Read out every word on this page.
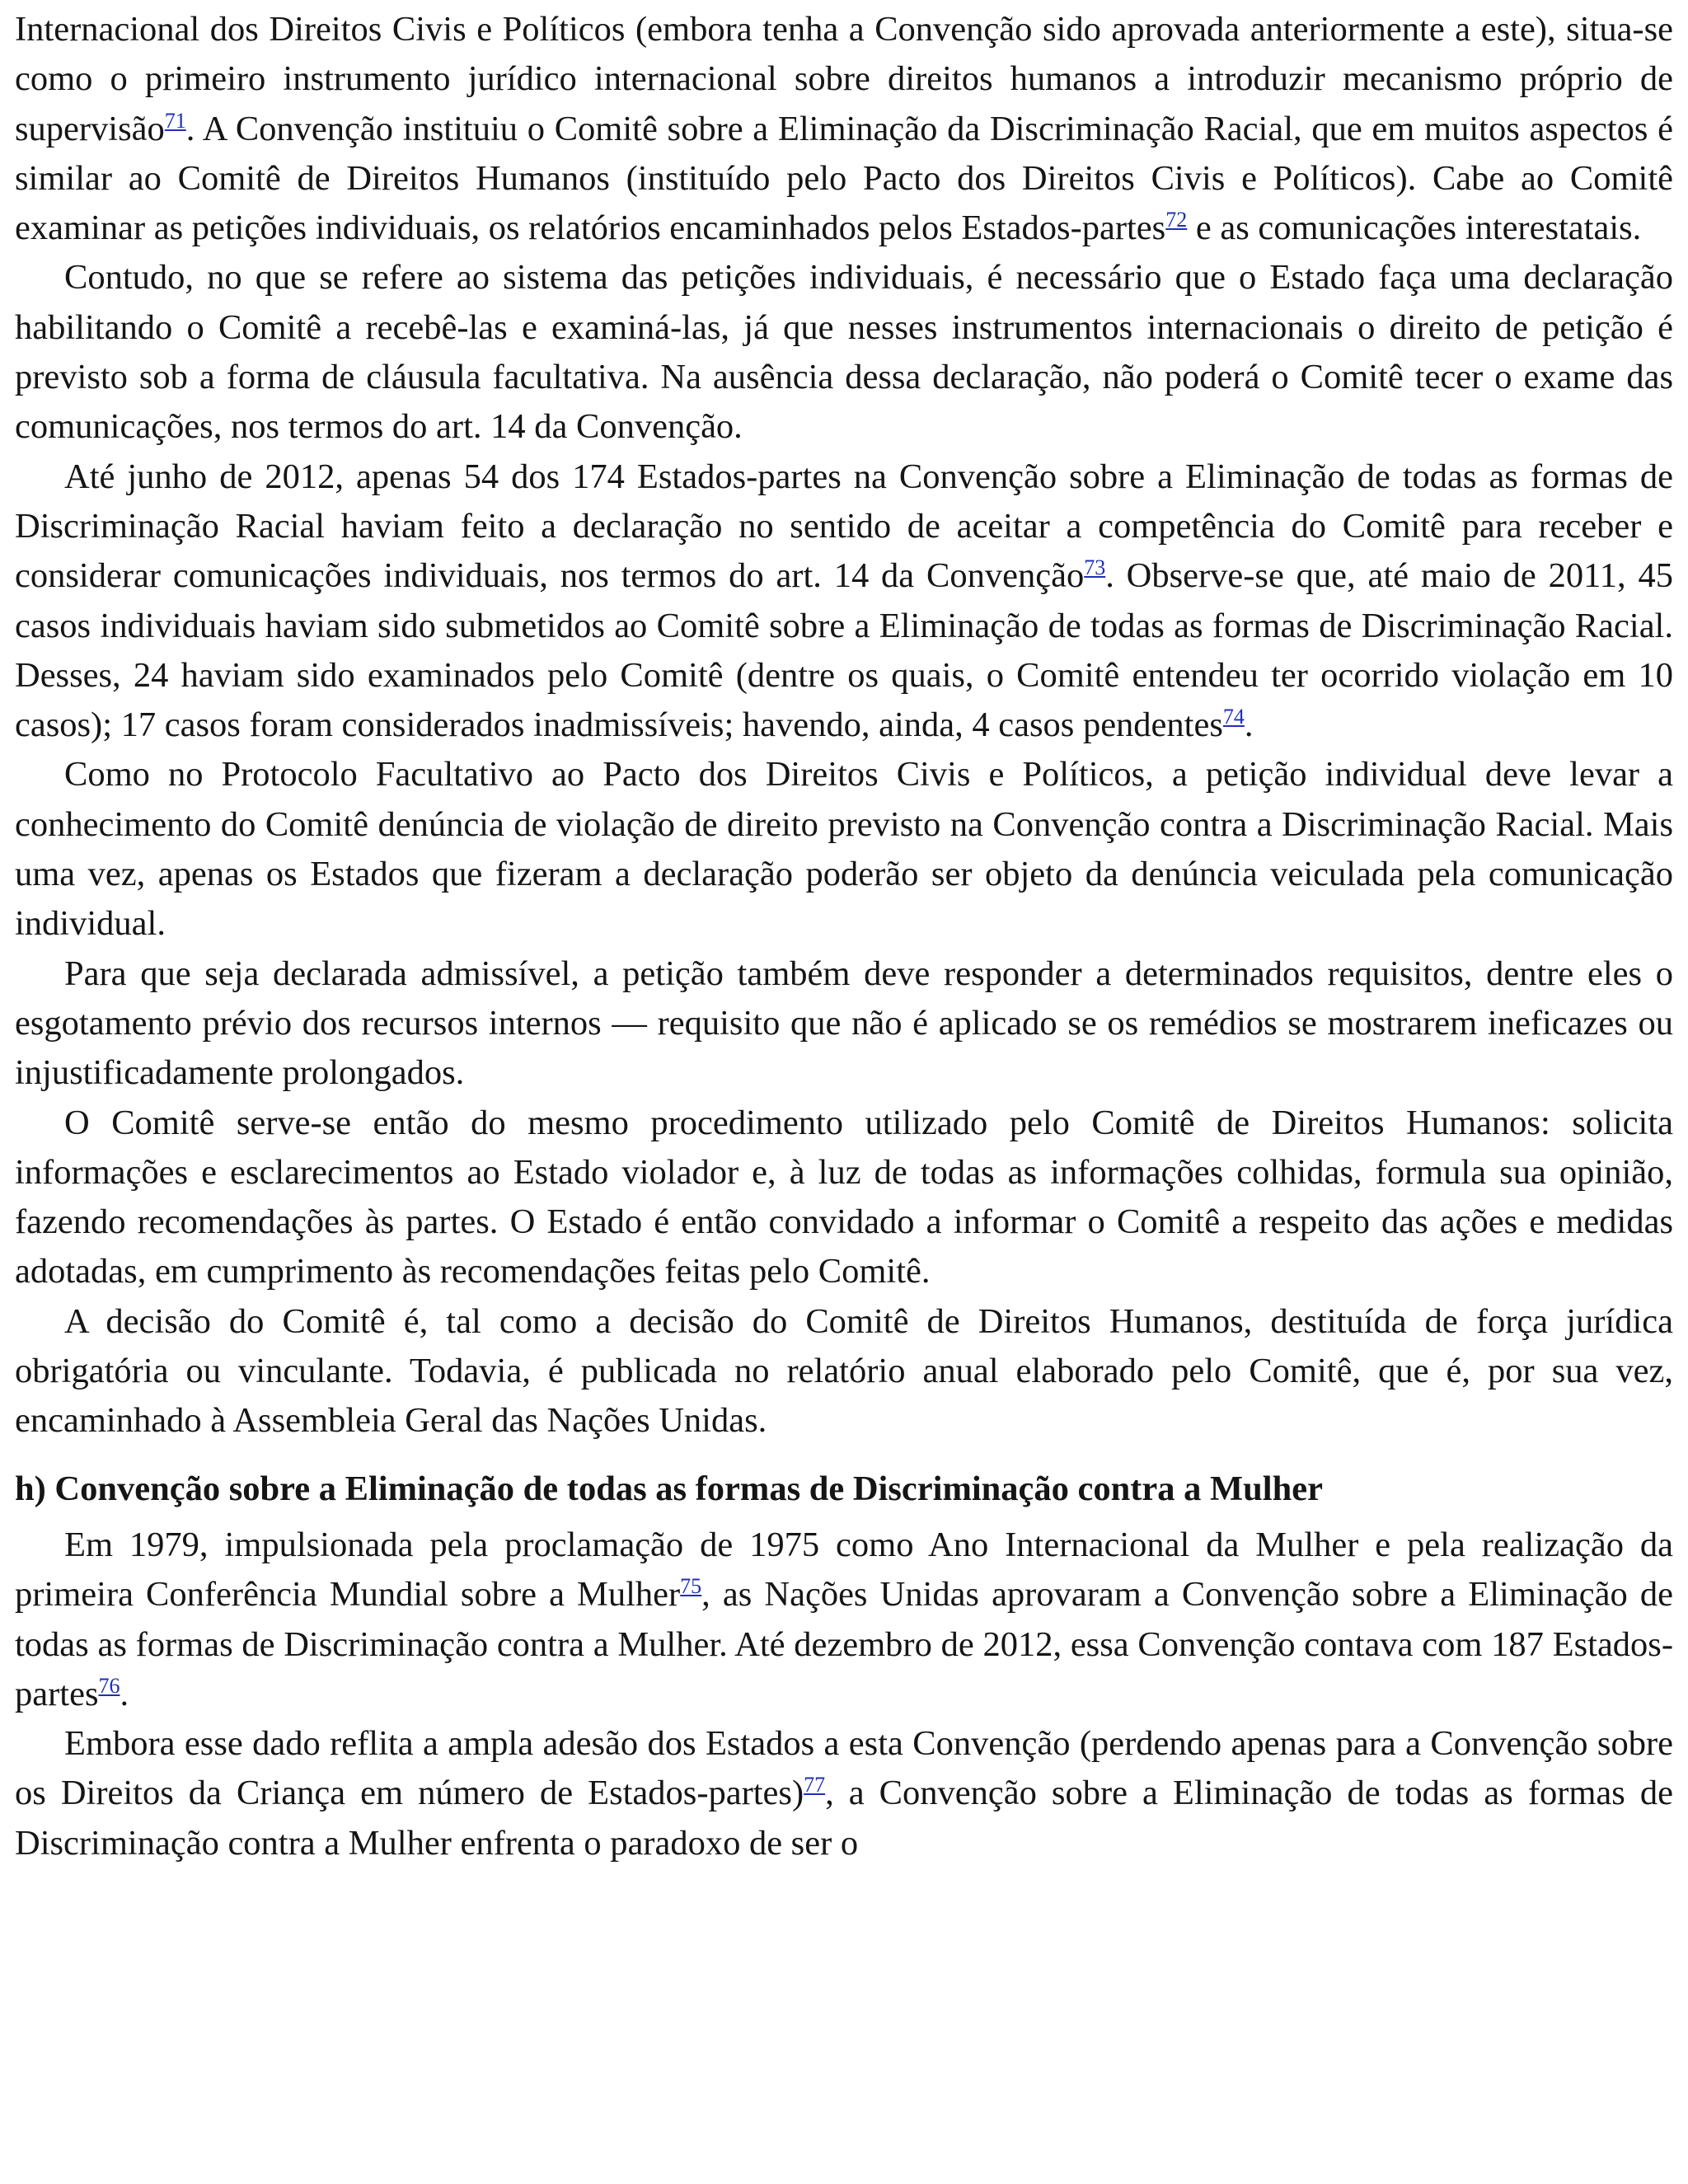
Internacional dos Direitos Civis e Políticos (embora tenha a Convenção sido aprovada anteriormente a este), situa-se como o primeiro instrumento jurídico internacional sobre direitos humanos a introduzir mecanismo próprio de supervisão$^{71}$. A Convenção instituiu o Comitê sobre a Eliminação da Discriminação Racial, que em muitos aspectos é similar ao Comitê de Direitos Humanos (instituído pelo Pacto dos Direitos Civis e Políticos). Cabe ao Comitê examinar as petições individuais, os relatórios encaminhados pelos Estados-partes$^{72}$ e as comunicações interestatais.

Contudo, no que se refere ao sistema das petições individuais, é necessário que o Estado faça uma declaração habilitando o Comitê a recebê-las e examiná-las, já que nesses instrumentos internacionais o direito de petição é previsto sob a forma de cláusula facultativa. Na ausência dessa declaração, não poderá o Comitê tecer o exame das comunicações, nos termos do art. 14 da Convenção.

Até junho de 2012, apenas 54 dos 174 Estados-partes na Convenção sobre a Eliminação de todas as formas de Discriminação Racial haviam feito a declaração no sentido de aceitar a competência do Comitê para receber e considerar comunicações individuais, nos termos do art. 14 da Convenção$^{73}$. Observe-se que, até maio de 2011, 45 casos individuais haviam sido submetidos ao Comitê sobre a Eliminação de todas as formas de Discriminação Racial. Desses, 24 haviam sido examinados pelo Comitê (dentre os quais, o Comitê entendeu ter ocorrido violação em 10 casos); 17 casos foram considerados inadmissíveis; havendo, ainda, 4 casos pendentes$^{74}$.

Como no Protocolo Facultativo ao Pacto dos Direitos Civis e Políticos, a petição individual deve levar a conhecimento do Comitê denúncia de violação de direito previsto na Convenção contra a Discriminação Racial. Mais uma vez, apenas os Estados que fizeram a declaração poderão ser objeto da denúncia veiculada pela comunicação individual.

Para que seja declarada admissível, a petição também deve responder a determinados requisitos, dentre eles o esgotamento prévio dos recursos internos — requisito que não é aplicado se os remédios se mostrarem ineficazes ou injustificadamente prolongados.

O Comitê serve-se então do mesmo procedimento utilizado pelo Comitê de Direitos Humanos: solicita informações e esclarecimentos ao Estado violador e, à luz de todas as informações colhidas, formula sua opinião, fazendo recomendações às partes. O Estado é então convidado a informar o Comitê a respeito das ações e medidas adotadas, em cumprimento às recomendações feitas pelo Comitê.

A decisão do Comitê é, tal como a decisão do Comitê de Direitos Humanos, destituída de força jurídica obrigatória ou vinculante. Todavia, é publicada no relatório anual elaborado pelo Comitê, que é, por sua vez, encaminhado à Assembleia Geral das Nações Unidas.

h) Convenção sobre a Eliminação de todas as formas de Discriminação contra a Mulher

Em 1979, impulsionada pela proclamação de 1975 como Ano Internacional da Mulher e pela realização da primeira Conferência Mundial sobre a Mulher$^{75}$, as Nações Unidas aprovaram a Convenção sobre a Eliminação de todas as formas de Discriminação contra a Mulher. Até dezembro de 2012, essa Convenção contava com 187 Estados-partes$^{76}$.

Embora esse dado reflita a ampla adesão dos Estados a esta Convenção (perdendo apenas para a Convenção sobre os Direitos da Criança em número de Estados-partes)$^{77}$, a Convenção sobre a Eliminação de todas as formas de Discriminação contra a Mulher enfrenta o paradoxo de ser o
